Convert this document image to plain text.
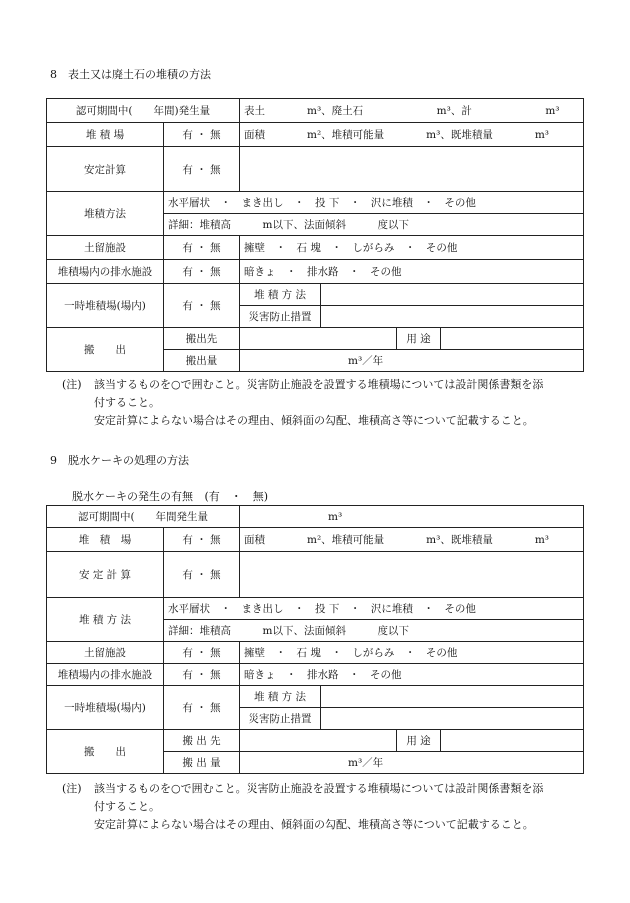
8　表土又は廃土石の堆積の方法
認可期間中(　　年間)発生量		表土　　　　m³、廃土石　　　　　　　m³、計　　　　　　　m³			
堆 積 場	有 ・ 無	面積　　　　m²、堆積可能量　　　　m³、既堆積量　　　　m³			
安定計算	有 ・ 無				
堆積方法	水平層状　・　まき出し　・　投 下　・　沢に堆積　・　その他				
	詳細：堆積高　　　m以下、法面傾斜　　　度以下				
土留施設	有 ・ 無	擁壁　・　石 塊　・　しがらみ　・　その他			
堆積場内の排水施設	有 ・ 無	暗きょ　・　排水路　・　その他			
一時堆積場(場内)	有 ・ 無	堆 積 方 法			
		災害防止措置			
搬　　出	搬出先			用 途	
	搬出量	m³／年			
(注) 該当するものを○で囲むこと。災害防止施設を設置する堆積場については設計関係書類を添

付すること。

安定計算によらない場合はその理由、傾斜面の勾配、堆積高さ等について記載すること。

9　脱水ケーキの処理の方法
脱水ケーキの発生の有無 (有　・　無)
認可期間中(　　年間発生量		m³			
堆　積　場	有 ・ 無	面積　　　　m²、堆積可能量　　　　m³、既堆積量　　　　m³			
安 定 計 算	有 ・ 無				
堆 積 方 法	水平層状　・　まき出し　・　投 下　・　沢に堆積　・　その他				
	詳細：堆積高　　　m以下、法面傾斜　　　度以下				
土留施設	有 ・ 無	擁壁　・　石 塊　・　しがらみ　・　その他			
堆積場内の排水施設	有 ・ 無	暗きょ　・　排水路　・　その他			
一時堆積場(場内)	有 ・ 無	堆 積 方 法			
		災害防止措置			
搬　　出	搬 出 先			用 途	
	搬 出 量	m³／年			
(注) 該当するものを○で囲むこと。災害防止施設を設置する堆積場については設計関係書類を添

付すること。

安定計算によらない場合はその理由、傾斜面の勾配、堆積高さ等について記載すること。
